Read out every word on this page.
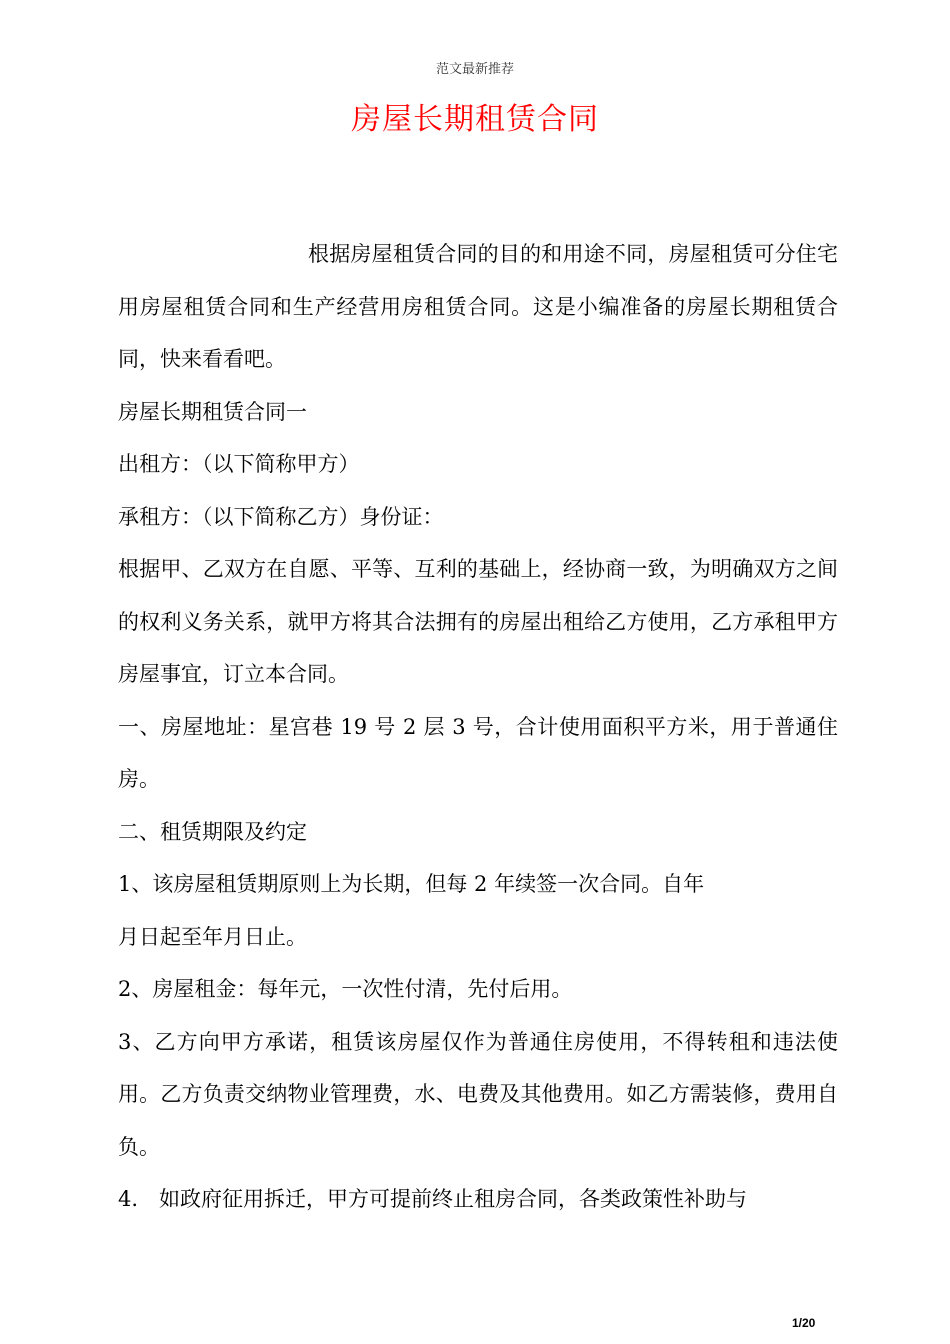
范文最新推荐
房屋长期租赁合同

根据房屋租赁合同的目的和用途不同，房屋租赁可分住宅用房屋租赁合同和生产经营用房租赁合同。这是小编准备的房屋长期租赁合同，快来看看吧。

房屋长期租赁合同一

出租方：（以下简称甲方）

承租方：（以下简称乙方）身份证：

根据甲、乙双方在自愿、平等、互利的基础上，经协商一致，为明确双方之间的权利义务关系，就甲方将其合法拥有的房屋出租给乙方使用，乙方承租甲方房屋事宜，订立本合同。

一、房屋地址：星宫巷 19 号 2 层 3 号，合计使用面积平方米，用于普通住房。

二、租赁期限及约定

1、该房屋租赁期原则上为长期，但每 2 年续签一次合同。自年

月日起至年月日止。

2、房屋租金：每年元，一次性付清，先付后用。

3、乙方向甲方承诺，租赁该房屋仅作为普通住房使用，不得转租和违法使用。乙方负责交纳物业管理费，水、电费及其他费用。如乙方需装修，费用自负。

4.　如政府征用拆迁，甲方可提前终止租房合同，各类政策性补助与

1/20
